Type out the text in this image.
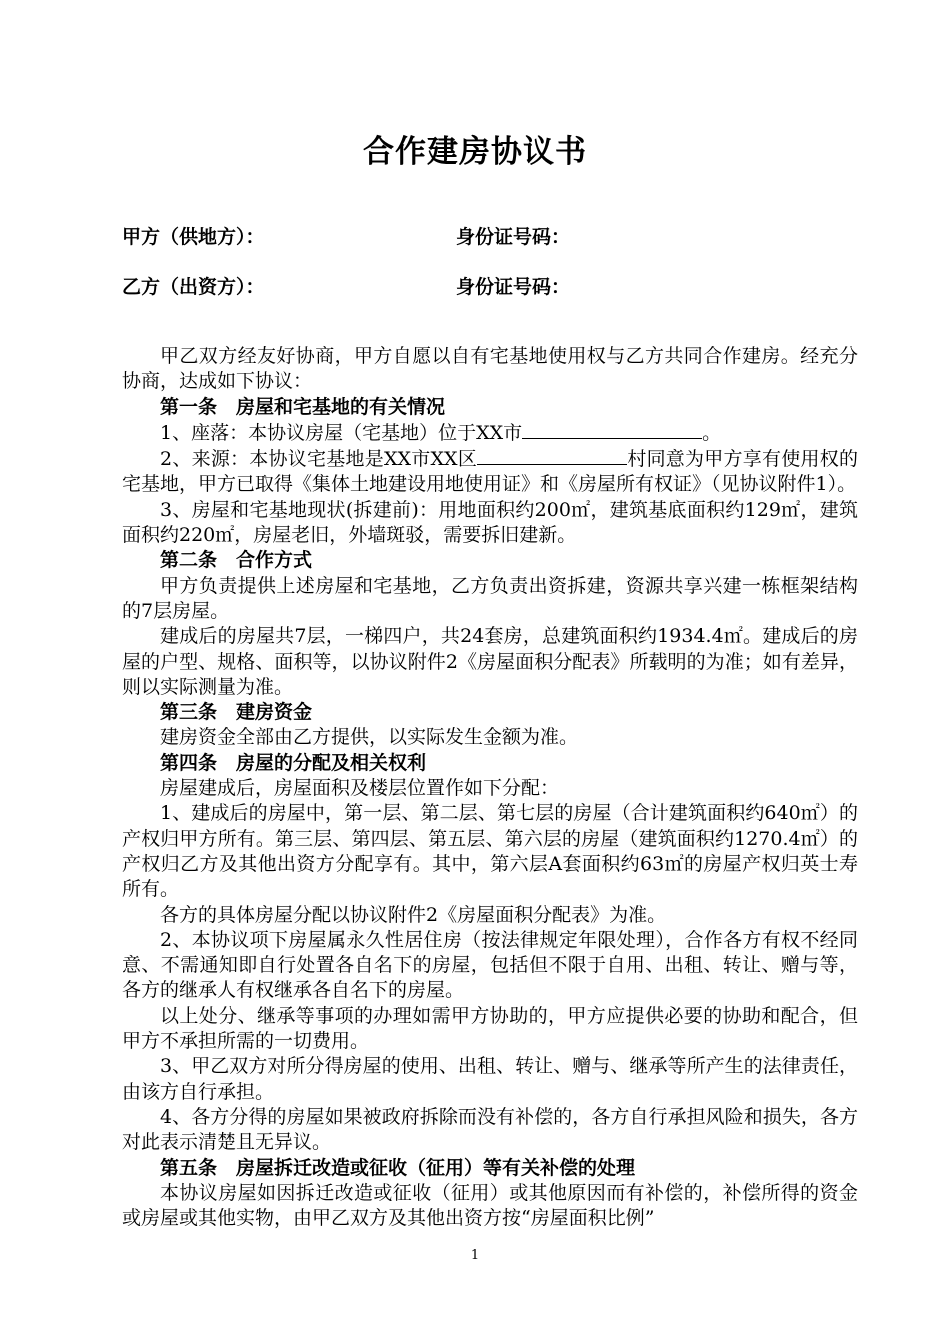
合作建房协议书
甲方（供地方）：	身份证号码：
乙方（出资方）：	身份证号码：

甲乙双方经友好协商，甲方自愿以自有宅基地使用权与乙方共同合作建房。经充分协商，达成如下协议：

第一条　房屋和宅基地的有关情况

1、座落：本协议房屋（宅基地）位于XX市	。

2、来源：本协议宅基地是XX市XX区	村同意为甲方享有使用权的宅基地，甲方已取得《集体土地建设用地使用证》和《房屋所有权证》（见协议附件1）。

3、房屋和宅基地现状(拆建前)：用地面积约200㎡，建筑基底面积约129㎡，建筑面积约220㎡，房屋老旧，外墙斑驳，需要拆旧建新。

第二条　合作方式

甲方负责提供上述房屋和宅基地，乙方负责出资拆建，资源共享兴建一栋框架结构的7层房屋。

建成后的房屋共7层，一梯四户，共24套房，总建筑面积约1934.4㎡。建成后的房屋的户型、规格、面积等，以协议附件2《房屋面积分配表》所载明的为准；如有差异，则以实际测量为准。

第三条　建房资金

建房资金全部由乙方提供，以实际发生金额为准。

第四条　房屋的分配及相关权利

房屋建成后，房屋面积及楼层位置作如下分配：

1、建成后的房屋中，第一层、第二层、第七层的房屋（合计建筑面积约640㎡）的产权归甲方所有。第三层、第四层、第五层、第六层的房屋（建筑面积约1270.4㎡）的产权归乙方及其他出资方分配享有。其中，第六层A套面积约63㎡的房屋产权归英士寿所有。

各方的具体房屋分配以协议附件2《房屋面积分配表》为准。

2、本协议项下房屋属永久性居住房（按法律规定年限处理），合作各方有权不经同意、不需通知即自行处置各自名下的房屋，包括但不限于自用、出租、转让、赠与等，各方的继承人有权继承各自名下的房屋。

以上处分、继承等事项的办理如需甲方协助的，甲方应提供必要的协助和配合，但甲方不承担所需的一切费用。

3、甲乙双方对所分得房屋的使用、出租、转让、赠与、继承等所产生的法律责任，由该方自行承担。

4、各方分得的房屋如果被政府拆除而没有补偿的，各方自行承担风险和损失，各方对此表示清楚且无异议。

第五条　房屋拆迁改造或征收（征用）等有关补偿的处理

本协议房屋如因拆迁改造或征收（征用）或其他原因而有补偿的，补偿所得的资金或房屋或其他实物，由甲乙双方及其他出资方按“房屋面积比例”

1
